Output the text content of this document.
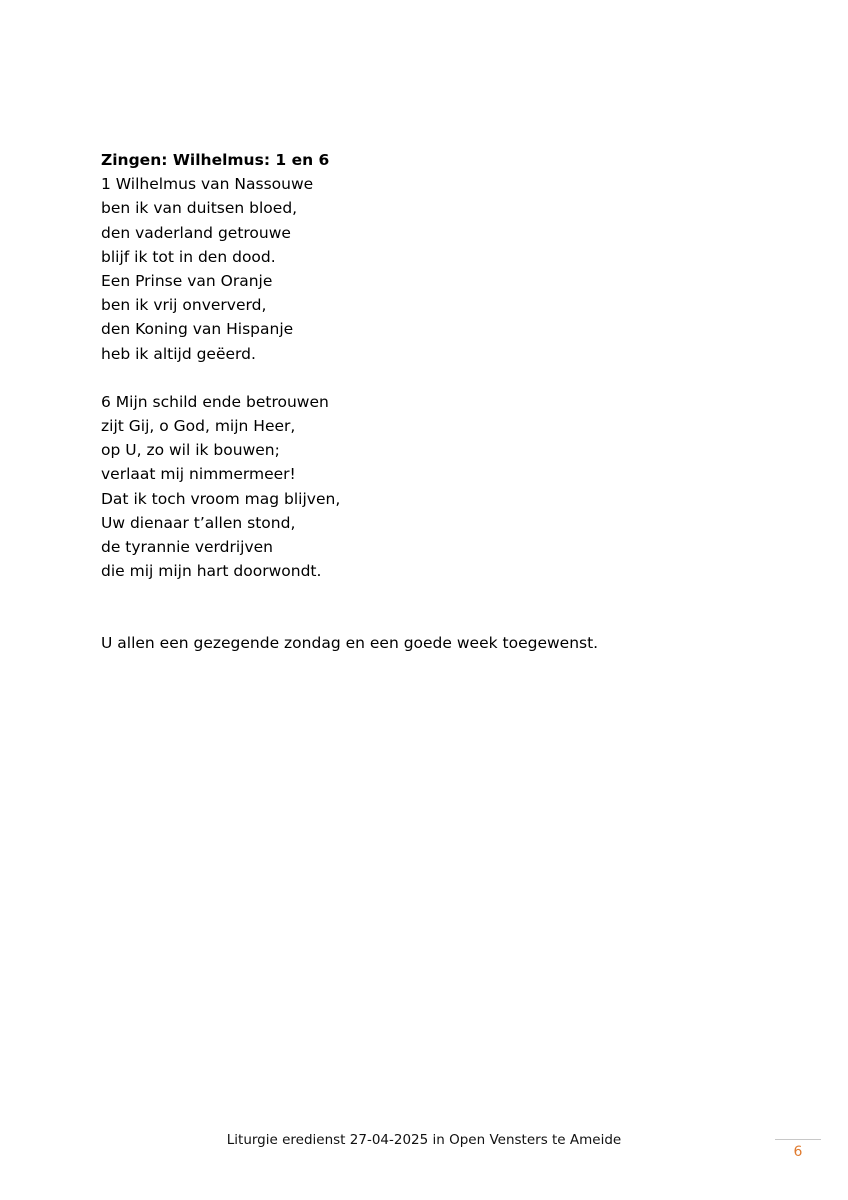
Zingen: Wilhelmus: 1 en 6

1 Wilhelmus van Nassouwe
ben ik van duitsen bloed,
den vaderland getrouwe
blijf ik tot in den dood.
Een Prinse van Oranje
ben ik vrij onververd,
den Koning van Hispanje
heb ik altijd geëerd.

6 Mijn schild ende betrouwen
zijt Gij, o God, mijn Heer,
op U, zo wil ik bouwen;
verlaat mij nimmermeer!
Dat ik toch vroom mag blijven,
Uw dienaar t’allen stond,
de tyrannie verdrijven
die mij mijn hart doorwondt.

U allen een gezegende zondag en een goede week toegewenst.

Liturgie eredienst 27-04-2025 in Open Vensters te Ameide
6
